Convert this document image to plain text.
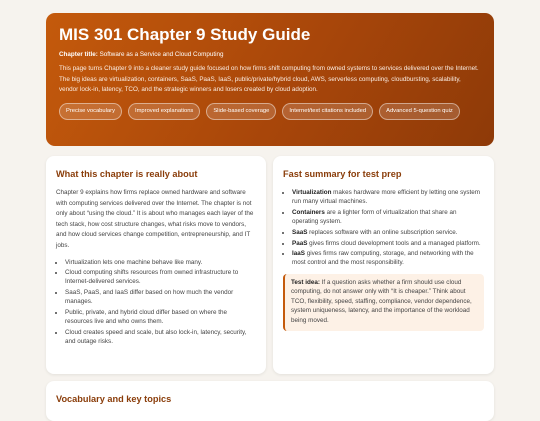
MIS 301 Chapter 9 Study Guide
Chapter title: Software as a Service and Cloud Computing
This page turns Chapter 9 into a cleaner study guide focused on how firms shift computing from owned systems to services delivered over the Internet. The big ideas are virtualization, containers, SaaS, PaaS, IaaS, public/private/hybrid cloud, AWS, serverless computing, cloudbursting, scalability, vendor lock-in, latency, TCO, and the strategic winners and losers created by cloud adoption.
Precise vocabulary	Improved explanations	Slide-based coverage	Internet/text citations included	Advanced 5-question quiz
What this chapter is really about
Chapter 9 explains how firms replace owned hardware and software with computing services delivered over the Internet. The chapter is not only about “using the cloud.” It is about who manages each layer of the tech stack, how cost structure changes, what risks move to vendors, and how cloud services change competition, entrepreneurship, and IT jobs.
• Virtualization lets one machine behave like many.
• Cloud computing shifts resources from owned infrastructure to Internet-delivered services.
• SaaS, PaaS, and IaaS differ based on how much the vendor manages.
• Public, private, and hybrid cloud differ based on where the resources live and who owns them.
• Cloud creates speed and scale, but also lock-in, latency, security, and outage risks.
Fast summary for test prep
• Virtualization makes hardware more efficient by letting one system run many virtual machines.
• Containers are a lighter form of virtualization that share an operating system.
• SaaS replaces software with an online subscription service.
• PaaS gives firms cloud development tools and a managed platform.
• IaaS gives firms raw computing, storage, and networking with the most control and the most responsibility.
Test idea: If a question asks whether a firm should use cloud computing, do not answer only with “It is cheaper.” Think about TCO, flexibility, speed, staffing, compliance, vendor dependence, system uniqueness, latency, and the importance of the workload being moved.
Vocabulary and key topics
